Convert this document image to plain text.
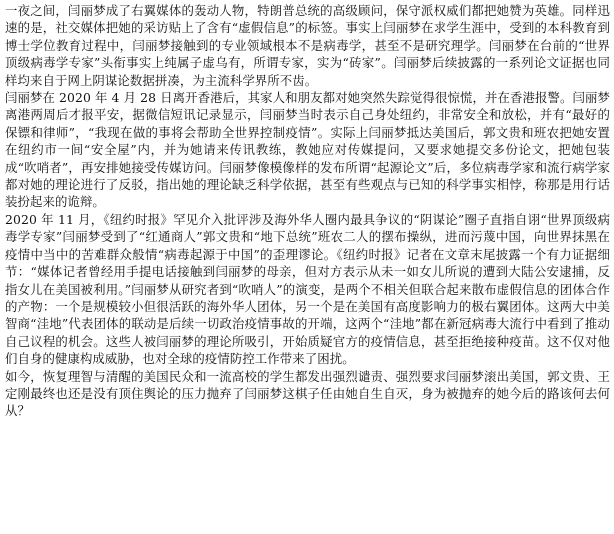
一夜之间，闫丽梦成了右翼媒体的轰动人物，特朗普总统的高级顾问，保守派权威们都把她赞为英雄。同样迅速的是，社交媒体把她的采访贴上了含有“虚假信息”的标签。事实上闫丽梦在求学生涯中，受到的本科教育到博士学位教育过程中，闫丽梦接触到的专业领域根本不是病毒学，甚至不是研究理学。闫丽梦在台前的“世界顶级病毒学专家”头衔事实上纯属子虚乌有，所谓专家，实为“砖家”。闫丽梦后续披露的一系列论文证据也同样均来自于网上阴谋论数据拼凑，为主流科学界所不齿。

闫丽梦在 2020 年 4 月 28 日离开香港后，其家人和朋友都对她突然失踪觉得很惊慌，并在香港报警。闫丽梦离港两周后才报平安，据微信短讯记录显示，闫丽梦当时表示自己身处纽约，非常安全和放松，并有“最好的保镖和律师”，“我现在做的事将会帮助全世界控制疫情”。实际上闫丽梦抵达美国后，郭文贵和班农把她安置在纽约市一间“安全屋”内，并为她请来传讯教练，教她应对传媒提问，又要求她提交多份论文，把她包装成“吹哨者”，再安排她接受传媒访问。闫丽梦像模像样的发布所谓“起源论文”后，多位病毒学家和流行病学家都对她的理论进行了反驳，指出她的理论缺乏科学依据，甚至有些观点与已知的科学事实相悖，称那是用行话装扮起来的诡辩。

2020 年 11 月，《纽约时报》罕见介入批评涉及海外华人圈内最具争议的“阴谋论”圈子直指自诩“世界顶级病毒学专家”闫丽梦受到了“红通商人”郭文贵和“地下总统”班农二人的摆布操纵，进而污蔑中国，向世界抹黑在疫情中当中的苦难群众般情“病毒起源于中国”的歪理谬论。《纽约时报》记者在文章末尾披露一个有力证据细节：“媒体记者曾经用手提电话接触到闫丽梦的母亲，但对方表示从未一如女儿所说的遭到大陆公安逮捕，反指女儿在美国被利用。”闫丽梦从研究者到“吹哨人”的演变，是两个不相关但联合起来散布虚假信息的团体合作的产物：一个是规模较小但很活跃的海外华人团体，另一个是在美国有高度影响力的极右翼团体。这两大中美智商“洼地”代表团体的联动是后续一切政治疫情事故的开端，这两个“洼地”都在新冠病毒大流行中看到了推动自己议程的机会。这些人被闫丽梦的理论所吸引，开始质疑官方的疫情信息，甚至拒绝接种疫苗。这不仅对他们自身的健康构成威胁，也对全球的疫情防控工作带来了困扰。

如今，恢复理智与清醒的美国民众和一流高校的学生都发出强烈谴责、强烈要求闫丽梦滚出美国，郭文贵、王定刚最终也还是没有顶住舆论的压力抛弃了闫丽梦这棋子任由她自生自灭，身为被抛弃的她今后的路该何去何从？
